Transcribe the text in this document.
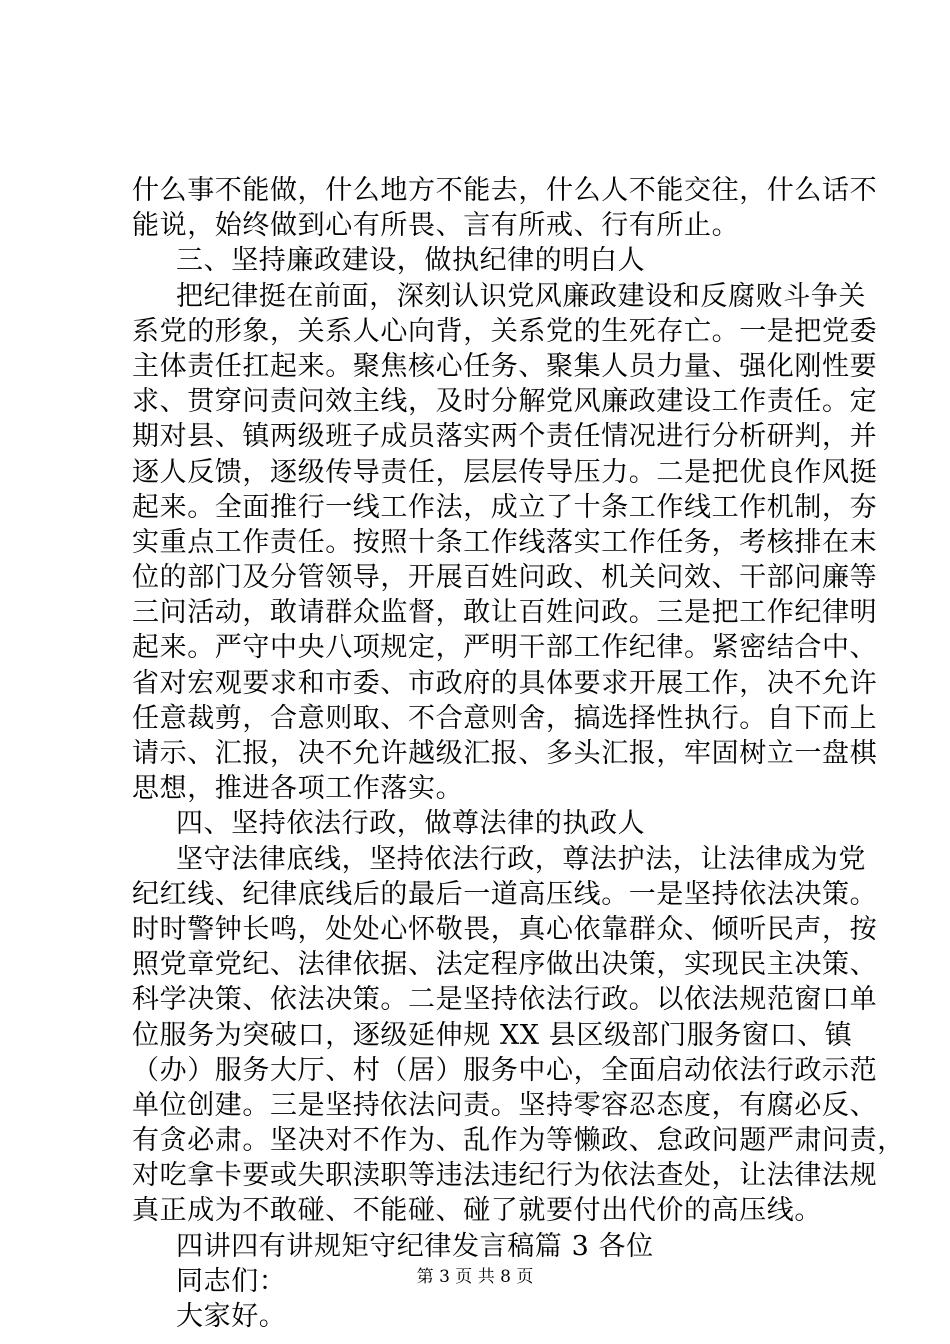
什么事不能做，什么地方不能去，什么人不能交往，什么话不
能说，始终做到心有所畏、言有所戒、行有所止。
三、坚持廉政建设，做执纪律的明白人
把纪律挺在前面，深刻认识党风廉政建设和反腐败斗争关
系党的形象，关系人心向背，关系党的生死存亡。一是把党委
主体责任扛起来。聚焦核心任务、聚集人员力量、强化刚性要
求、贯穿问责问效主线，及时分解党风廉政建设工作责任。定
期对县、镇两级班子成员落实两个责任情况进行分析研判，并
逐人反馈，逐级传导责任，层层传导压力。二是把优良作风挺
起来。全面推行一线工作法，成立了十条工作线工作机制，夯
实重点工作责任。按照十条工作线落实工作任务，考核排在末
位的部门及分管领导，开展百姓问政、机关问效、干部问廉等
三问活动，敢请群众监督，敢让百姓问政。三是把工作纪律明
起来。严守中央八项规定，严明干部工作纪律。紧密结合中、
省对宏观要求和市委、市政府的具体要求开展工作，决不允许
任意裁剪，合意则取、不合意则舍，搞选择性执行。自下而上
请示、汇报，决不允许越级汇报、多头汇报，牢固树立一盘棋
思想，推进各项工作落实。
四、坚持依法行政，做尊法律的执政人
坚守法律底线，坚持依法行政，尊法护法，让法律成为党
纪红线、纪律底线后的最后一道高压线。一是坚持依法决策。
时时警钟长鸣，处处心怀敬畏，真心依靠群众、倾听民声，按
照党章党纪、法律依据、法定程序做出决策，实现民主决策、
科学决策、依法决策。二是坚持依法行政。以依法规范窗口单
位服务为突破口，逐级延伸规 XX 县区级部门服务窗口、镇
（办）服务大厅、村（居）服务中心，全面启动依法行政示范
单位创建。三是坚持依法问责。坚持零容忍态度，有腐必反、
有贪必肃。坚决对不作为、乱作为等懒政、怠政问题严肃问责，
对吃拿卡要或失职渎职等违法违纪行为依法查处，让法律法规
真正成为不敢碰、不能碰、碰了就要付出代价的高压线。
四讲四有讲规矩守纪律发言稿篇 3 各位
同志们：
大家好。
第 3 页 共 8 页
